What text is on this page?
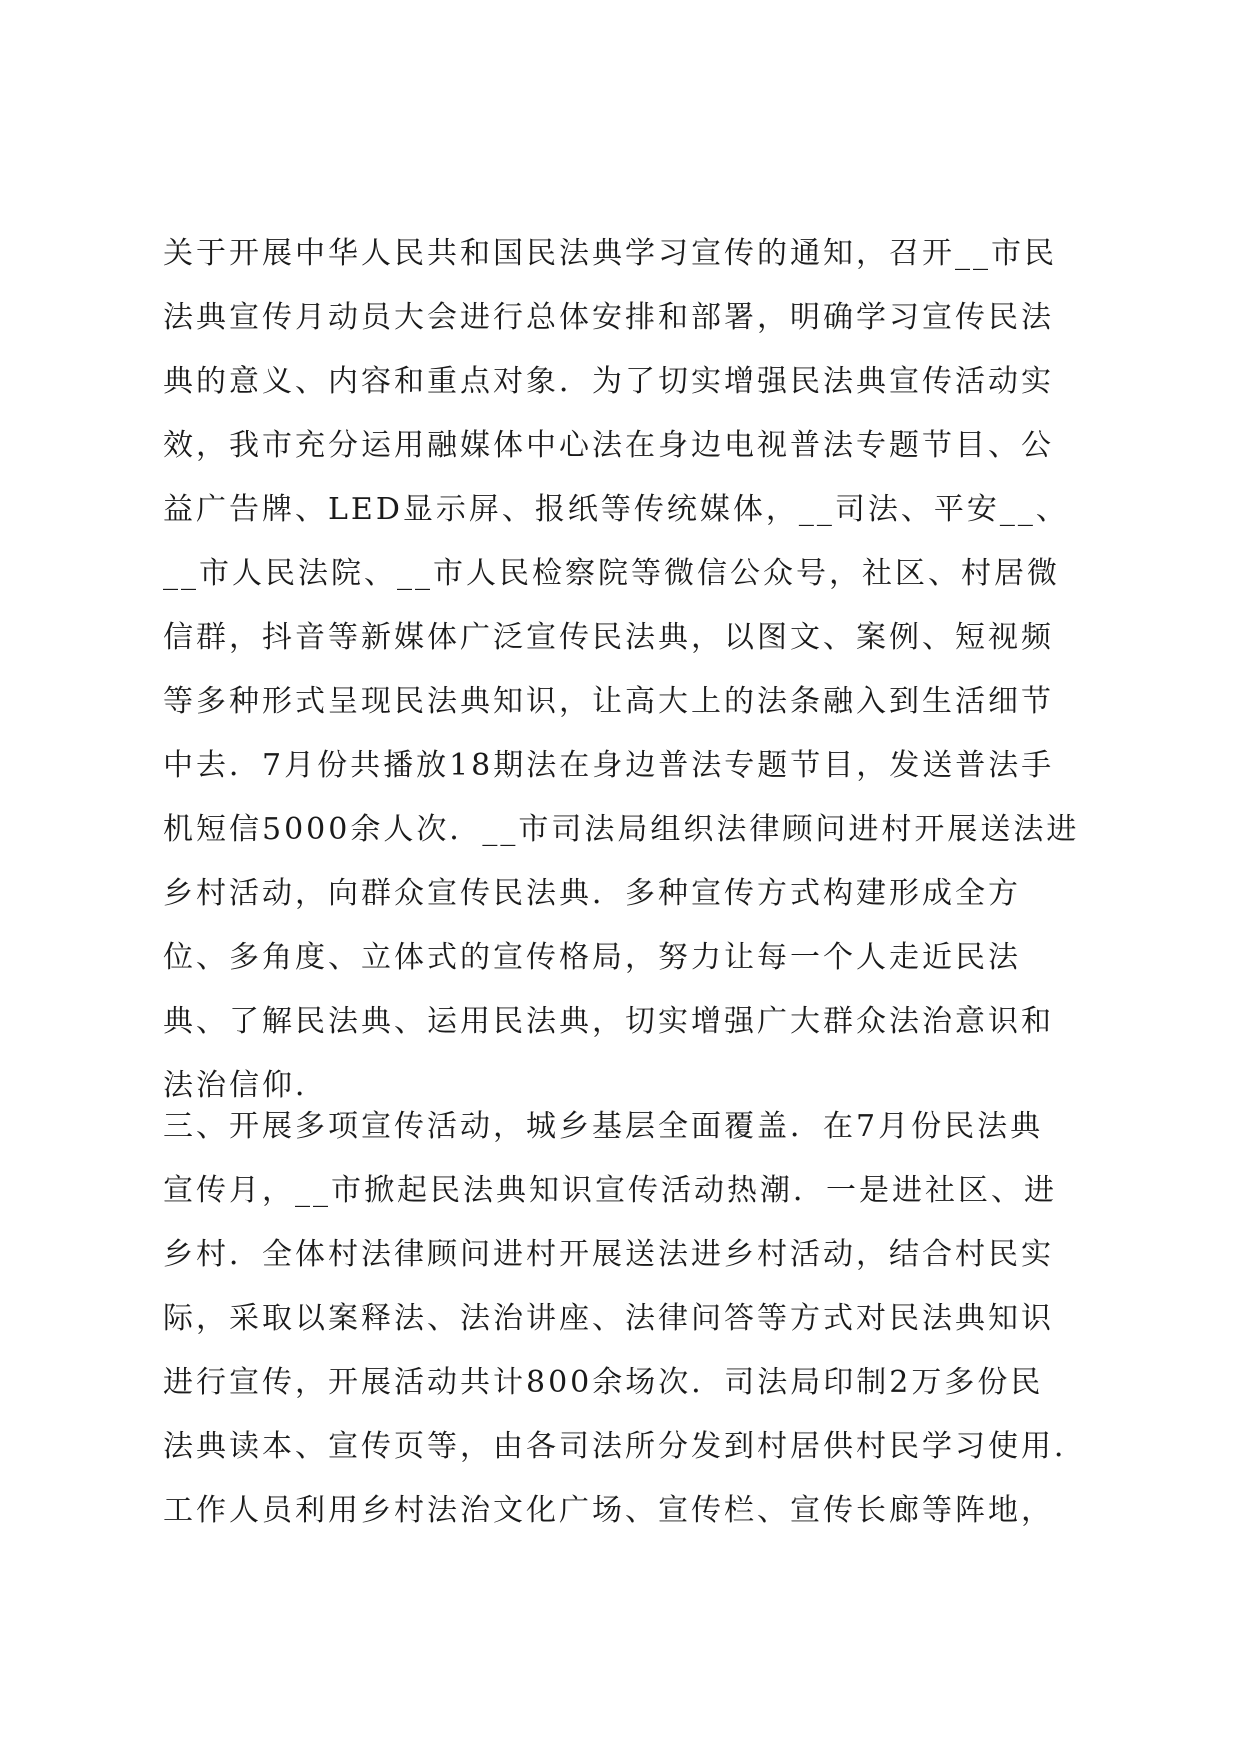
关于开展中华人民共和国民法典学习宣传的通知，召开__市民
法典宣传月动员大会进行总体安排和部署，明确学习宣传民法
典的意义、内容和重点对象．为了切实增强民法典宣传活动实
效，我市充分运用融媒体中心法在身边电视普法专题节目、公
益广告牌、LED显示屏、报纸等传统媒体，__司法、平安__、
__市人民法院、__市人民检察院等微信公众号，社区、村居微
信群，抖音等新媒体广泛宣传民法典，以图文、案例、短视频
等多种形式呈现民法典知识，让高大上的法条融入到生活细节
中去．7月份共播放18期法在身边普法专题节目，发送普法手
机短信5000余人次．__市司法局组织法律顾问进村开展送法进
乡村活动，向群众宣传民法典．多种宣传方式构建形成全方
位、多角度、立体式的宣传格局，努力让每一个人走近民法
典、了解民法典、运用民法典，切实增强广大群众法治意识和
法治信仰．
三、开展多项宣传活动，城乡基层全面覆盖．在7月份民法典
宣传月，__市掀起民法典知识宣传活动热潮．一是进社区、进
乡村．全体村法律顾问进村开展送法进乡村活动，结合村民实
际，采取以案释法、法治讲座、法律问答等方式对民法典知识
进行宣传，开展活动共计800余场次．司法局印制2万多份民
法典读本、宣传页等，由各司法所分发到村居供村民学习使用．
工作人员利用乡村法治文化广场、宣传栏、宣传长廊等阵地，
